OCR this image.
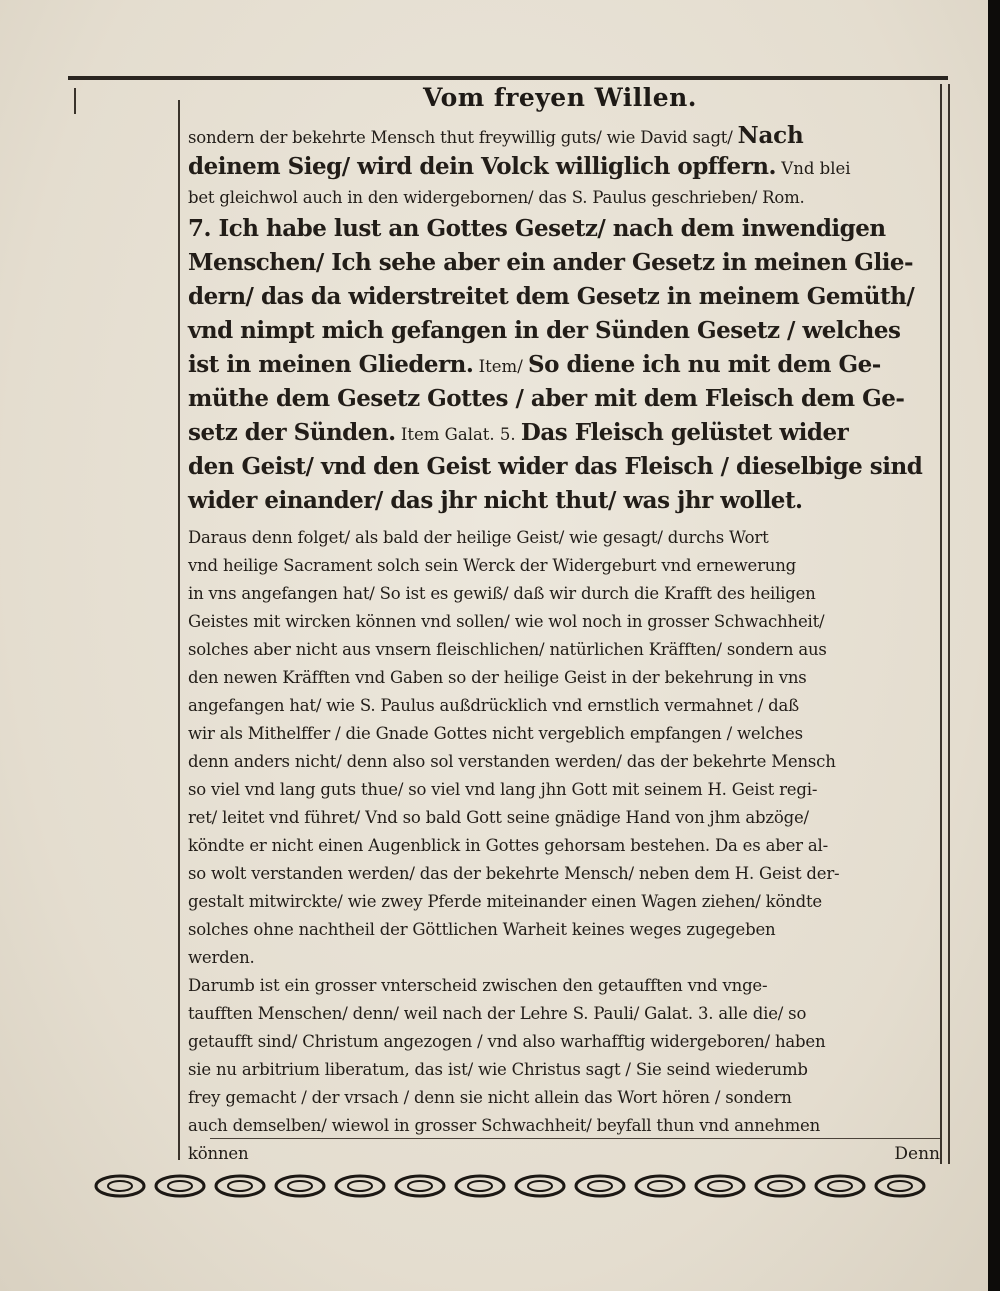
Vom freyen Willen.
sondern der bekehrte Mensch thut freywillig guts/ wie David sagt/ Nach
deinem Sieg/ wird dein Volck williglich opffern. Vnd blei
bet gleichwol auch in den widergebornen/ das S. Paulus geschrieben/ Rom.
7. Ich habe lust an Gottes Gesetz/ nach dem inwendigen
Menschen/ Ich sehe aber ein ander Gesetz in meinen Glie-
dern/ das da widerstreitet dem Gesetz in meinem Gemüth/
vnd nimpt mich gefangen in der Sünden Gesetz / welches
ist in meinen Gliedern. Item/ So diene ich nu mit dem Ge-
müthe dem Gesetz Gottes / aber mit dem Fleisch dem Ge-
setz der Sünden. Item Galat. 5. Das Fleisch gelüstet wider
den Geist/ vnd den Geist wider das Fleisch / dieselbige sind
wider einander/ das jhr nicht thut/ was jhr wollet.
Daraus denn folget/ als bald der heilige Geist/ wie gesagt/ durchs Wort
vnd heilige Sacrament solch sein Werck der Widergeburt vnd ernewerung
in vns angefangen hat/ So ist es gewiß/ daß wir durch die Krafft des heiligen
Geistes mit wircken können vnd sollen/ wie wol noch in grosser Schwachheit/
solches aber nicht aus vnsern fleischlichen/ natürlichen Kräfften/ sondern aus
den newen Kräfften vnd Gaben so der heilige Geist in der bekehrung in vns
angefangen hat/ wie S. Paulus außdrücklich vnd ernstlich vermahnet / daß
wir als Mithelffer / die Gnade Gottes nicht vergeblich empfangen / welches
denn anders nicht/ denn also sol verstanden werden/ das der bekehrte Mensch
so viel vnd lang guts thue/ so viel vnd lang jhn Gott mit seinem H. Geist regi-
ret/ leitet vnd führet/ Vnd so bald Gott seine gnädige Hand von jhm abzöge/
köndte er nicht einen Augenblick in Gottes gehorsam bestehen. Da es aber al-
so wolt verstanden werden/ das der bekehrte Mensch/ neben dem H. Geist der-
gestalt mitwirckte/ wie zwey Pferde miteinander einen Wagen ziehen/ köndte
solches ohne nachtheil der Göttlichen Warheit keines weges zugegeben
werden.
Darumb ist ein grosser vnterscheid zwischen den getaufften vnd vnge-
taufften Menschen/ denn/ weil nach der Lehre S. Pauli/ Galat. 3. alle die/ so
getaufft sind/ Christum angezogen / vnd also warhafftig widergeboren/ haben
sie nu arbitrium liberatum, das ist/ wie Christus sagt / Sie seind wiederumb
frey gemacht / der vrsach / denn sie nicht allein das Wort hören / sondern
auch demselben/ wiewol in grosser Schwachheit/ beyfall thun vnd annehmen
können	Denn
